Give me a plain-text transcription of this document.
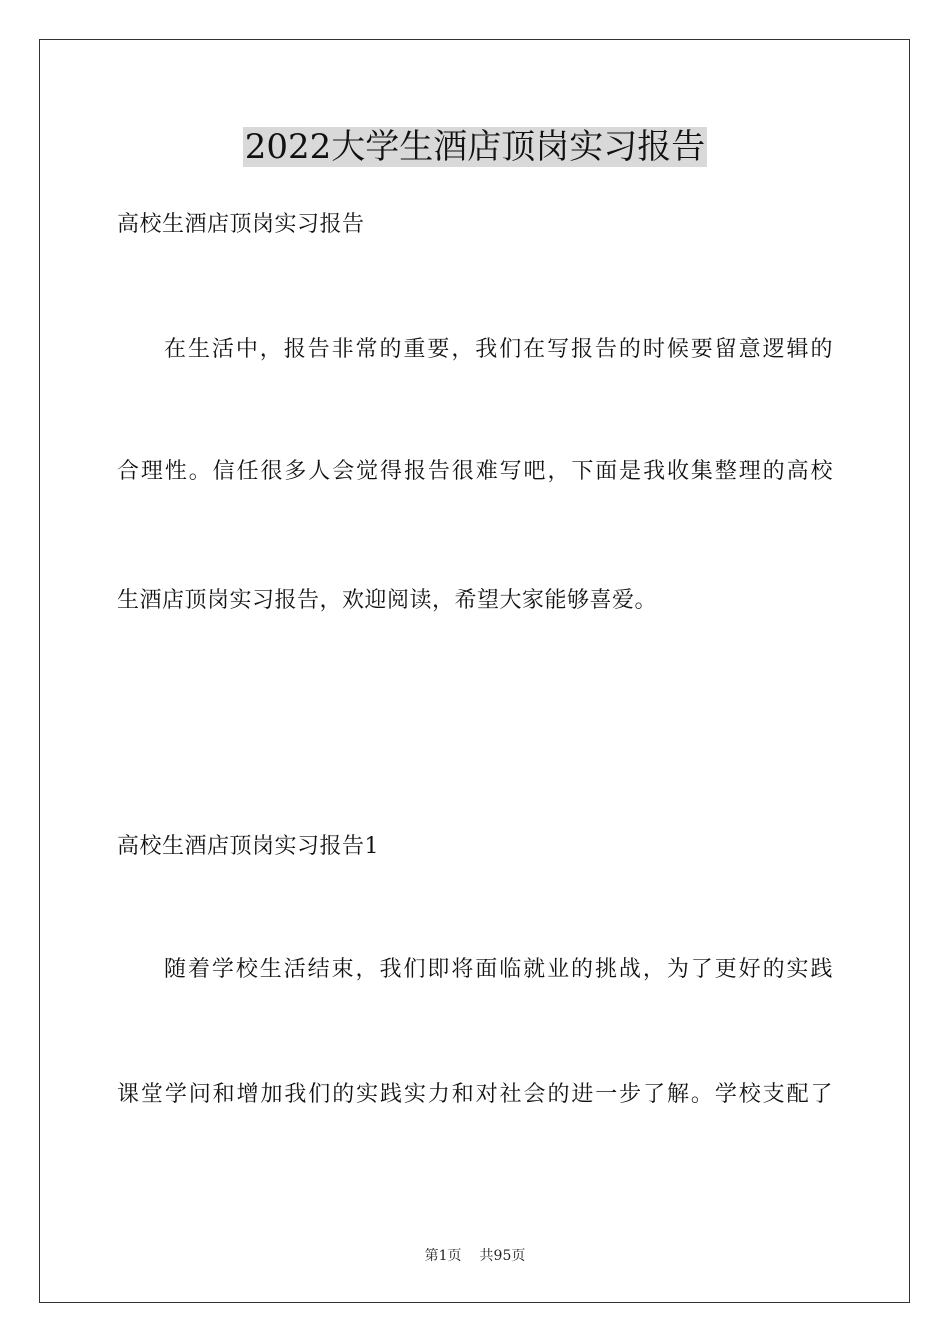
2022大学生酒店顶岗实习报告
高校生酒店顶岗实习报告
在生活中，报告非常的重要，我们在写报告的时候要留意逻辑的
合理性。信任很多人会觉得报告很难写吧，下面是我收集整理的高校
生酒店顶岗实习报告，欢迎阅读，希望大家能够喜爱。
高校生酒店顶岗实习报告1
随着学校生活结束，我们即将面临就业的挑战，为了更好的实践
课堂学问和增加我们的实践实力和对社会的进一步了解。学校支配了
第1页 共95页
